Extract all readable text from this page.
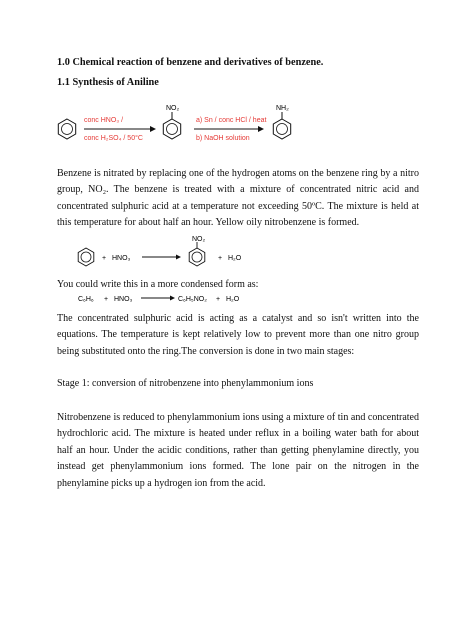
1.0 Chemical reaction of benzene and derivatives of benzene.
1.1 Synthesis of Aniline
conc HNO₃ /
conc H₂SO₄ / 50°C
NO₂
a) Sn / conc HCl / heat
b) NaOH solution
NH₂
Benzene is nitrated by replacing one of the hydrogen atoms on the benzene ring by a nitro group, NO₂. The benzene is treated with a mixture of concentrated nitric acid and concentrated sulphuric acid at a temperature not exceeding 50ºC. The mixture is held at this temperature for about half an hour. Yellow oily nitrobenzene is formed.
+ HNO₃
NO₂
+ H₂O
You could write this in a more condensed form as:
C₆H₆ + HNO₃	C₆H₅NO₂ + H₂O
The concentrated sulphuric acid is acting as a catalyst and so isn't written into the equations. The temperature is kept relatively low to prevent more than one nitro group being substituted onto the ring.The conversion is done in two main stages:
Stage 1: conversion of nitrobenzene into phenylammonium ions
Nitrobenzene is reduced to phenylammonium ions using a mixture of tin and concentrated hydrochloric acid. The mixture is heated under reflux in a boiling water bath for about half an hour. Under the acidic conditions, rather than getting phenylamine directly, you instead get phenylammonium ions formed. The lone pair on the nitrogen in the phenylamine picks up a hydrogen ion from the acid.
